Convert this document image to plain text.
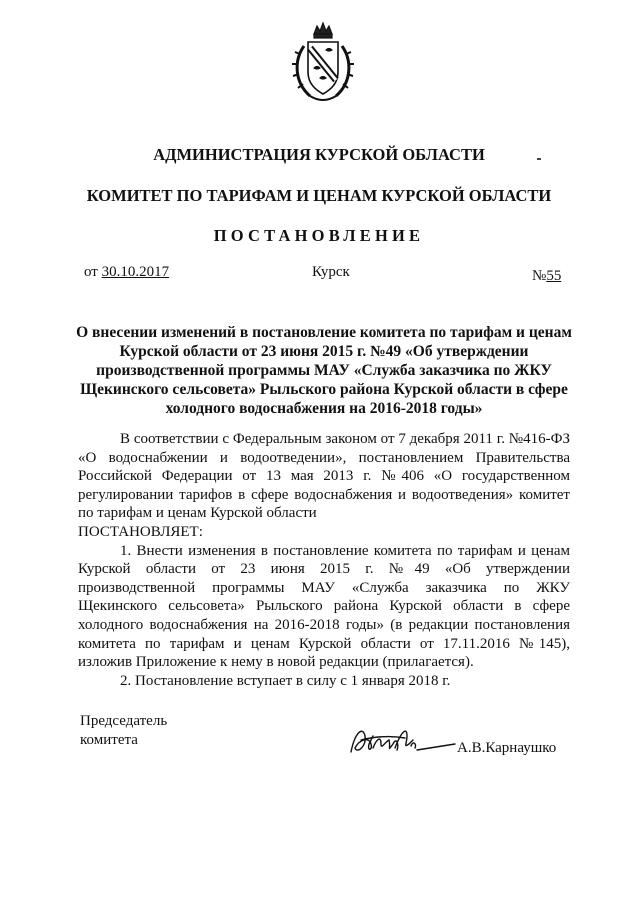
АДМИНИСТРАЦИЯ КУРСКОЙ ОБЛАСТИ
КОМИТЕТ ПО ТАРИФАМ И ЦЕНАМ КУРСКОЙ ОБЛАСТИ
ПОСТАНОВЛЕНИЕ
от 30.10.2017	Курск	№55
О внесении изменений в постановление комитета по тарифам и ценам
Курской области от 23 июня 2015 г. №49 «Об утверждении
производственной программы МАУ «Служба заказчика по ЖКУ
Щекинского сельсовета» Рыльского района Курской области в сфере
холодного водоснабжения на 2016-2018 годы»

В соответствии с Федеральным законом от 7 декабря 2011 г. №416-ФЗ «О водоснабжении и водоотведении», постановлением Правительства Российской Федерации от 13 мая 2013 г. №406 «О государственном регулировании тарифов в сфере водоснабжения и водоотведения» комитет по тарифам и ценам Курской области

ПОСТАНОВЛЯЕТ:

1. Внести изменения в постановление комитета по тарифам и ценам Курской области от 23 июня 2015 г. №49 «Об утверждении производственной программы МАУ «Служба заказчика по ЖКУ Щекинского сельсовета» Рыльского района Курской области в сфере холодного водоснабжения на 2016-2018 годы» (в редакции постановления комитета по тарифам и ценам Курской области от 17.11.2016 №145), изложив Приложение к нему в новой редакции (прилагается).

2. Постановление вступает в силу с 1 января 2018 г.

Председатель
комитета	А.В.Карнаушко
